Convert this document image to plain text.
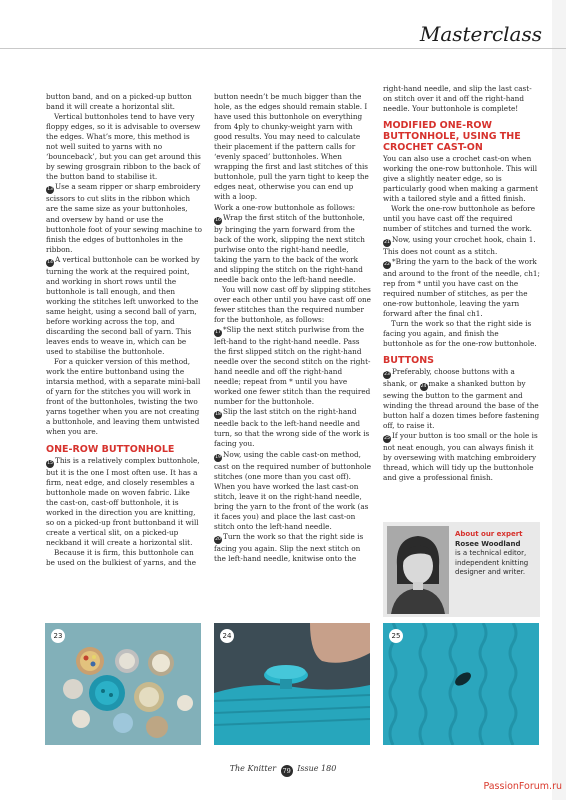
Masterclass

button band, and on a picked-up button band it will create a horizontal slit.

Vertical buttonholes tend to have very floppy edges, so it is advisable to oversew the edges. What’s more, this method is not well suited to yarns with no ‘bounceback’, but you can get around this by sewing grosgrain ribbon to the back of the button band to stabilise it.

13 Use a seam ripper or sharp embroidery scissors to cut slits in the ribbon which are the same size as your buttonholes, and oversew by hand or use the buttonhole foot of your sewing machine to finish the edges of buttonholes in the ribbon.

14 A vertical buttonhole can be worked by turning the work at the required point, and working in short rows until the buttonhole is tall enough, and then working the stitches left unworked to the same height, using a second ball of yarn, before working across the top, and discarding the second ball of yarn. This leaves ends to weave in, which can be used to stabilise the buttonhole.

For a quicker version of this method, work the entire buttonband using the intarsia method, with a separate mini-ball of yarn for the stitches you will work in front of the buttonholes, twisting the two yarns together when you are not creating a buttonhole, and leaving them untwisted when you are.

ONE-ROW BUTTONHOLE

15 This is a relatively complex buttonhole, but it is the one I most often use. It has a firm, neat edge, and closely resembles a buttonhole made on woven fabric. Like the cast-on, cast-off buttonhole, it is worked in the direction you are knitting, so on a picked-up front buttonband it will create a vertical slit, on a picked-up neckband it will create a horizontal slit.

Because it is firm, this buttonhole can be used on the bulkiest of yarns, and the

button needn’t be much bigger than the hole, as the edges should remain stable. I have used this buttonhole on everything from 4ply to chunky-weight yarn with good results. You may need to calculate their placement if the pattern calls for ‘evenly spaced’ buttonholes. When wrapping the first and last stitches of this buttonhole, pull the yarn tight to keep the edges neat, otherwise you can end up with a loop.

Work a one-row buttonhole as follows:

16 Wrap the first stitch of the buttonhole, by bringing the yarn forward from the back of the work, slipping the next stitch purlwise onto the right-hand needle, taking the yarn to the back of the work and slipping the stitch on the right-hand needle back onto the left-hand needle.

You will now cast off by slipping stitches over each other until you have cast off one fewer stitches than the required number for the buttonhole, as follows:

17 *Slip the next stitch purlwise from the left-hand to the right-hand needle. Pass the first slipped stitch on the right-hand needle over the second stitch on the right-hand needle and off the right-hand needle; repeat from * until you have worked one fewer stitch than the required number for the buttonhole.

18 Slip the last stitch on the right-hand needle back to the left-hand needle and turn, so that the wrong side of the work is facing you.

19 Now, using the cable cast-on method, cast on the required number of buttonhole stitches (one more than you cast off). When you have worked the last cast-on stitch, leave it on the right-hand needle, bring the yarn to the front of the work (as it faces you) and place the last cast-on stitch onto the left-hand needle.

20 Turn the work so that the right side is facing you again. Slip the next stitch on the left-hand needle, knitwise onto the

right-hand needle, and slip the last cast-on stitch over it and off the right-hand needle. Your buttonhole is complete!

MODIFIED ONE-ROW BUTTONHOLE, USING THE CROCHET CAST-ON

You can also use a crochet cast-on when working the one-row buttonhole. This will give a slightly neater edge, so is particularly good when making a garment with a tailored style and a fitted finish.

Work the one-row buttonhole as before until you have cast off the required number of stitches and turned the work.

21 Now, using your crochet hook, chain 1. This does not count as a stitch.

22 *Bring the yarn to the back of the work and around to the front of the needle, ch1; rep from * until you have cast on the required number of stitches, as per the one-row buttonhole, leaving the yarn forward after the final ch1.

Turn the work so that the right side is facing you again, and finish the buttonhole as for the one-row buttonhole.

BUTTONS

23 Preferably, choose buttons with a shank, or 24 make a shanked button by sewing the button to the garment and winding the thread around the base of the button half a dozen times before fastening off, to raise it.

25 If your button is too small or the hole is not neat enough, you can always finish it by oversewing with matching embroidery thread, which will tidy up the buttonhole and give a professional finish.

About our expert
Rosee Woodland
is a technical editor, independent knitting designer and writer.
23	24	25
The Knitter 79 Issue 180
PassionForum.ru
